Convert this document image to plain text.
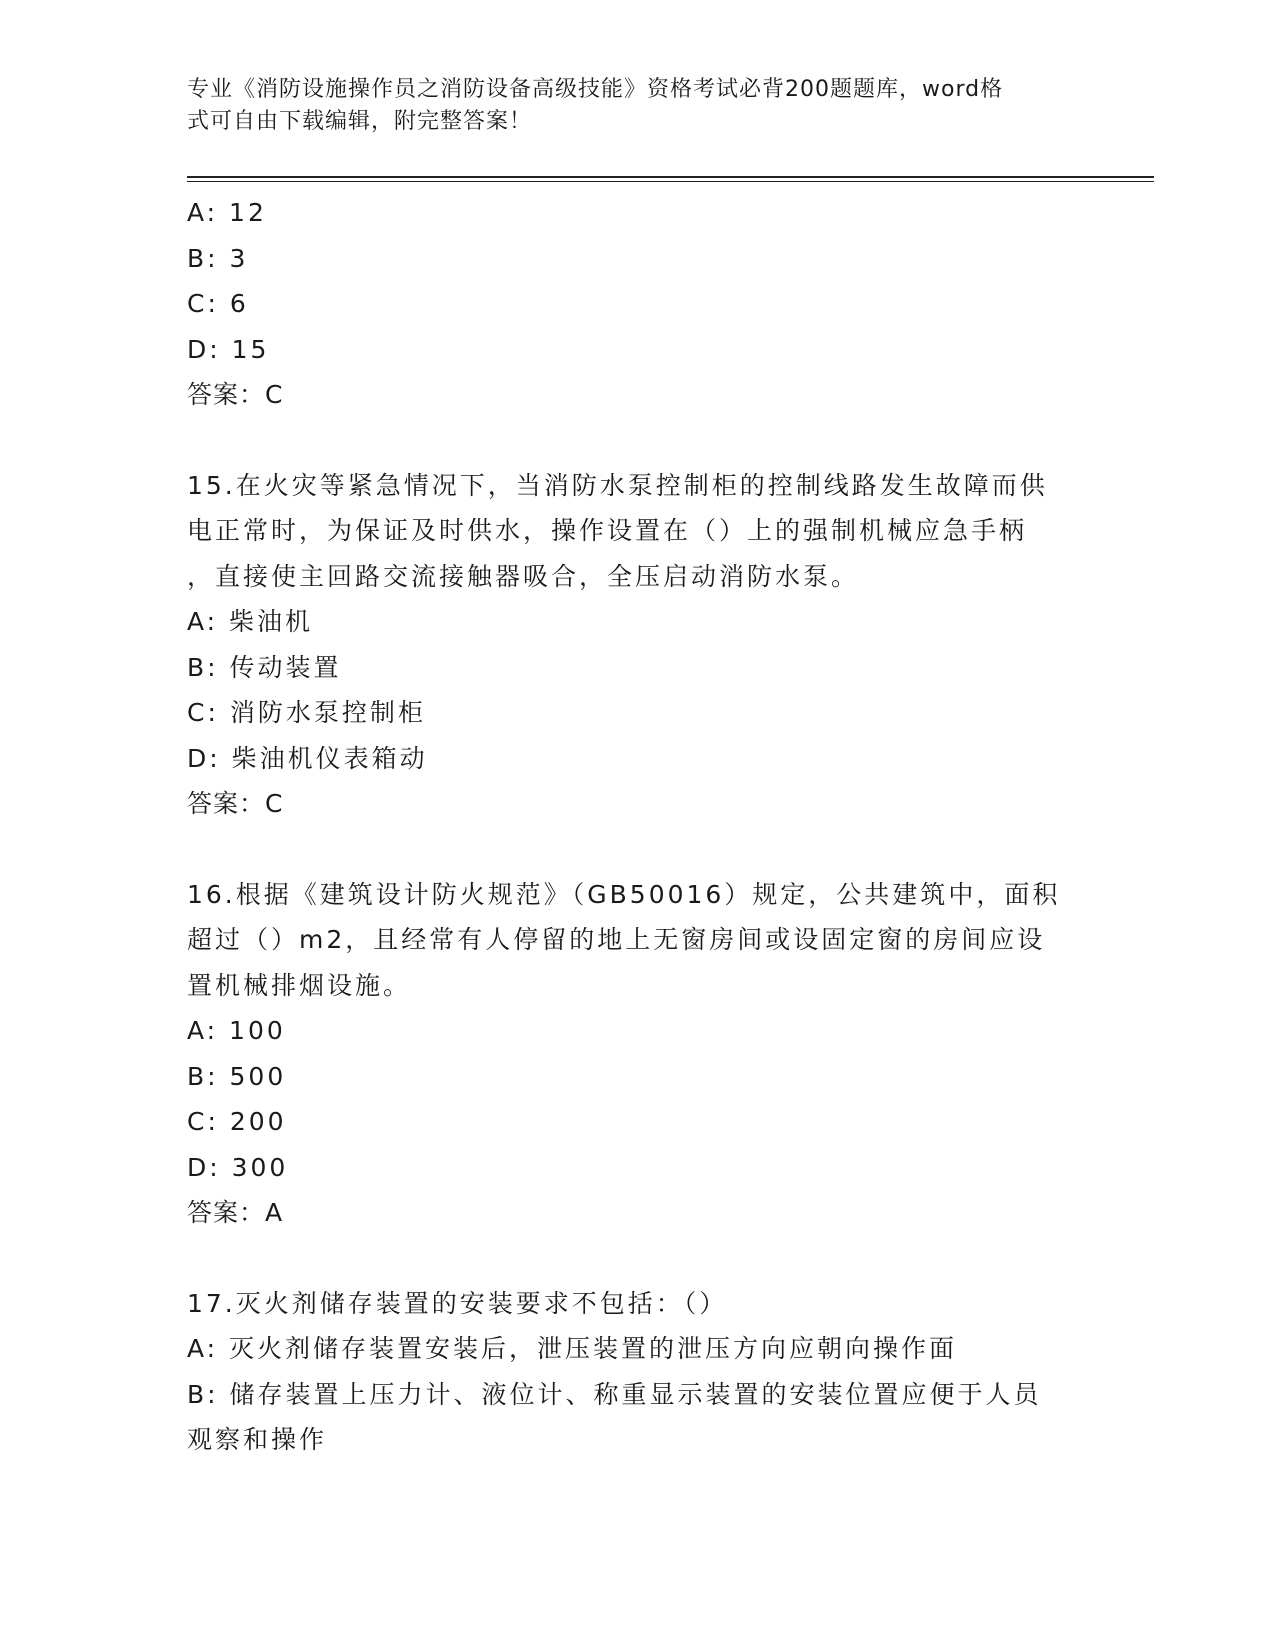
专业《消防设施操作员之消防设备高级技能》资格考试必背200题题库，word格
式可自由下载编辑，附完整答案！
A: 12
B: 3
C: 6
D: 15
答案：C
15.在火灾等紧急情况下，当消防水泵控制柜的控制线路发生故障而供
电正常时，为保证及时供水，操作设置在（）上的强制机械应急手柄
，直接使主回路交流接触器吸合，全压启动消防水泵。
A: 柴油机
B: 传动装置
C: 消防水泵控制柜
D: 柴油机仪表箱动
答案：C
16.根据《建筑设计防火规范》（GB50016）规定，公共建筑中，面积
超过（）m2，且经常有人停留的地上无窗房间或设固定窗的房间应设
置机械排烟设施。
A: 100
B: 500
C: 200
D: 300
答案：A
17.灭火剂储存装置的安装要求不包括：（）
A: 灭火剂储存装置安装后，泄压装置的泄压方向应朝向操作面
B: 储存装置上压力计、液位计、称重显示装置的安装位置应便于人员
观察和操作
